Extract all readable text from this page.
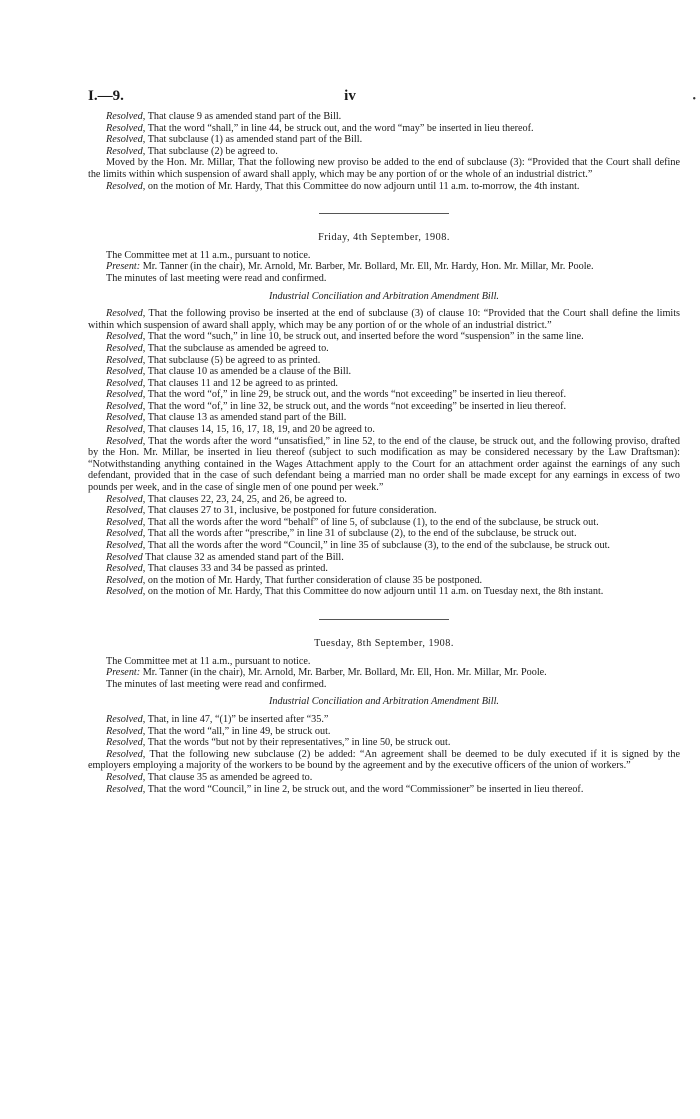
I.—9.	iv	•

Resolved, That clause 9 as amended stand part of the Bill.

Resolved, That the word “shall,” in line 44, be struck out, and the word “may” be inserted in lieu thereof.

Resolved, That subclause (1) as amended stand part of the Bill.

Resolved, That subclause (2) be agreed to.

Moved by the Hon. Mr. Millar, That the following new proviso be added to the end of subclause (3): “Provided that the Court shall define the limits within which suspension of award shall apply, which may be any portion of or the whole of an industrial district.”

Resolved, on the motion of Mr. Hardy, That this Committee do now adjourn until 11 a.m. to-morrow, the 4th instant.

Friday, 4th September, 1908.

The Committee met at 11 a.m., pursuant to notice.

Present: Mr. Tanner (in the chair), Mr. Arnold, Mr. Barber, Mr. Bollard, Mr. Ell, Mr. Hardy, Hon. Mr. Millar, Mr. Poole.

The minutes of last meeting were read and confirmed.

Industrial Conciliation and Arbitration Amendment Bill.

Resolved, That the following proviso be inserted at the end of subclause (3) of clause 10: “Provided that the Court shall define the limits within which suspension of award shall apply, which may be any portion of or the whole of an industrial district.”

Resolved, That the word “such,” in line 10, be struck out, and inserted before the word “suspension” in the same line.

Resolved, That the subclause as amended be agreed to.

Resolved, That subclause (5) be agreed to as printed.

Resolved, That clause 10 as amended be a clause of the Bill.

Resolved, That clauses 11 and 12 be agreed to as printed.

Resolved, That the word “of,” in line 29, be struck out, and the words “not exceeding” be inserted in lieu thereof.

Resolved, That the word “of,” in line 32, be struck out, and the words “not exceeding” be inserted in lieu thereof.

Resolved, That clause 13 as amended stand part of the Bill.

Resolved, That clauses 14, 15, 16, 17, 18, 19, and 20 be agreed to.

Resolved, That the words after the word “unsatisfied,” in line 52, to the end of the clause, be struck out, and the following proviso, drafted by the Hon. Mr. Millar, be inserted in lieu thereof (subject to such modification as may be considered necessary by the Law Draftsman): “Notwithstanding anything contained in the Wages Attachment apply to the Court for an attachment order against the earnings of any such defendant, provided that in the case of such defendant being a married man no order shall be made except for any earnings in excess of two pounds per week, and in the case of single men of one pound per week.”

Resolved, That clauses 22, 23, 24, 25, and 26, be agreed to.

Resolved, That clauses 27 to 31, inclusive, be postponed for future consideration.

Resolved, That all the words after the word “behalf” of line 5, of subclause (1), to the end of the subclause, be struck out.

Resolved, That all the words after “prescribe,” in line 31 of subclause (2), to the end of the subclause, be struck out.

Resolved, That all the words after the word “Council,” in line 35 of subclause (3), to the end of the subclause, be struck out.

Resolved That clause 32 as amended stand part of the Bill.

Resolved, That clauses 33 and 34 be passed as printed.

Resolved, on the motion of Mr. Hardy, That further consideration of clause 35 be postponed.

Resolved, on the motion of Mr. Hardy, That this Committee do now adjourn until 11 a.m. on Tuesday next, the 8th instant.

Tuesday, 8th September, 1908.

The Committee met at 11 a.m., pursuant to notice.

Present: Mr. Tanner (in the chair), Mr. Arnold, Mr. Barber, Mr. Bollard, Mr. Ell, Hon. Mr. Millar, Mr. Poole.

The minutes of last meeting were read and confirmed.

Industrial Conciliation and Arbitration Amendment Bill.

Resolved, That, in line 47, “(1)” be inserted after “35.”

Resolved, That the word “all,” in line 49, be struck out.

Resolved, That the words “but not by their representatives,” in line 50, be struck out.

Resolved, That the following new subclause (2) be added: “An agreement shall be deemed to be duly executed if it is signed by the employers employing a majority of the workers to be bound by the agreement and by the executive officers of the union of workers.”

Resolved, That clause 35 as amended be agreed to.

Resolved, That the word “Council,” in line 2, be struck out, and the word “Commissioner” be inserted in lieu thereof.
